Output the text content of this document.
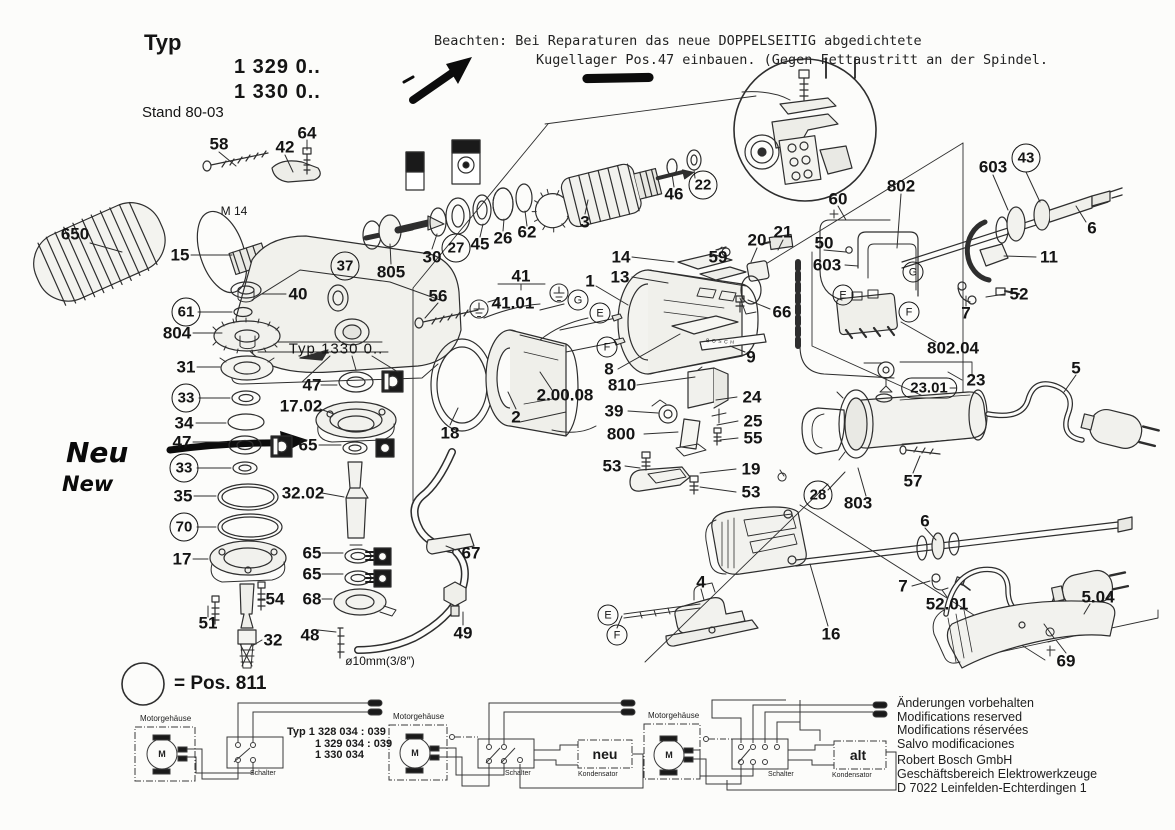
Typ
1 329 0..
1 330 0..
Stand 80-03
Beachten: Bei Reparaturen das neue DOPPELSEITIG abgedichtete
Kugellager Pos.47 einbauen. (Gegen Fettaustritt an der Spindel.
Neu
New
= Pos. 811
BOSCH
58	42
64
650
M 14
15
37	805
30 27 45 26 62
3
46 22
14
13
59
1
20 21
60
50
603
802
603 43
6
11
52
7
802.04
G
E
F
56
41
41.01	G
E
F
2.00.08
2
18
9
8
810
39
800
24
25
55
53	19
53
66
23.01	23
5
28	803
57
4
16
6
7
52.01	5.04
69
E
F
40
61
804
31
33
34
47
33
35
70
17
51
54
32
Typ 1330 0..
47
17.02
65
32.02
65
65
68
48
67
49
ø10mm(3/8″)
Motorgehäuse
M
Schalter
Typ 1 328 034 : 039
1 329 034 : 039
1 330 034
Motorgehäuse
M
Schalter
neu
Kondensator
Motorgehäuse
M
Schalter
alt
Kondensator
Änderungen vorbehalten
Modifications reserved
Modifications réservées
Salvo modificaciones
Robert Bosch GmbH
Geschäftsbereich Elektrowerkzeuge
D 7022 Leinfelden-Echterdingen 1
